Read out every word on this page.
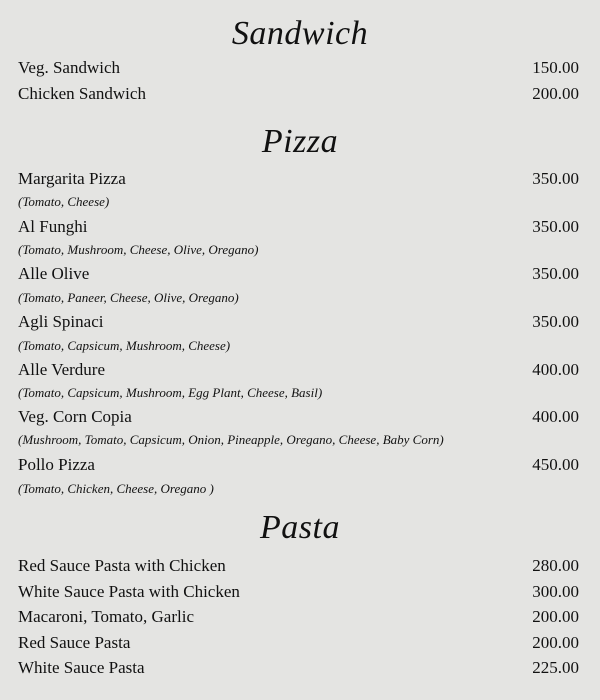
Sandwich
Veg. Sandwich	150.00
Chicken Sandwich	200.00
Pizza
Margarita Pizza	350.00
(Tomato, Cheese)
Al Funghi	350.00
(Tomato, Mushroom, Cheese, Olive, Oregano)
Alle Olive	350.00
(Tomato, Paneer, Cheese, Olive, Oregano)
Agli Spinaci	350.00
(Tomato, Capsicum, Mushroom, Cheese)
Alle Verdure	400.00
(Tomato, Capsicum, Mushroom, Egg Plant, Cheese, Basil)
Veg. Corn Copia	400.00
(Mushroom, Tomato, Capsicum, Onion, Pineapple, Oregano, Cheese, Baby Corn)
Pollo Pizza	450.00
(Tomato, Chicken, Cheese, Oregano )
Pasta
Red Sauce Pasta with Chicken	280.00
White Sauce Pasta with Chicken	300.00
Macaroni, Tomato, Garlic	200.00
Red Sauce Pasta	200.00
White Sauce Pasta	225.00
